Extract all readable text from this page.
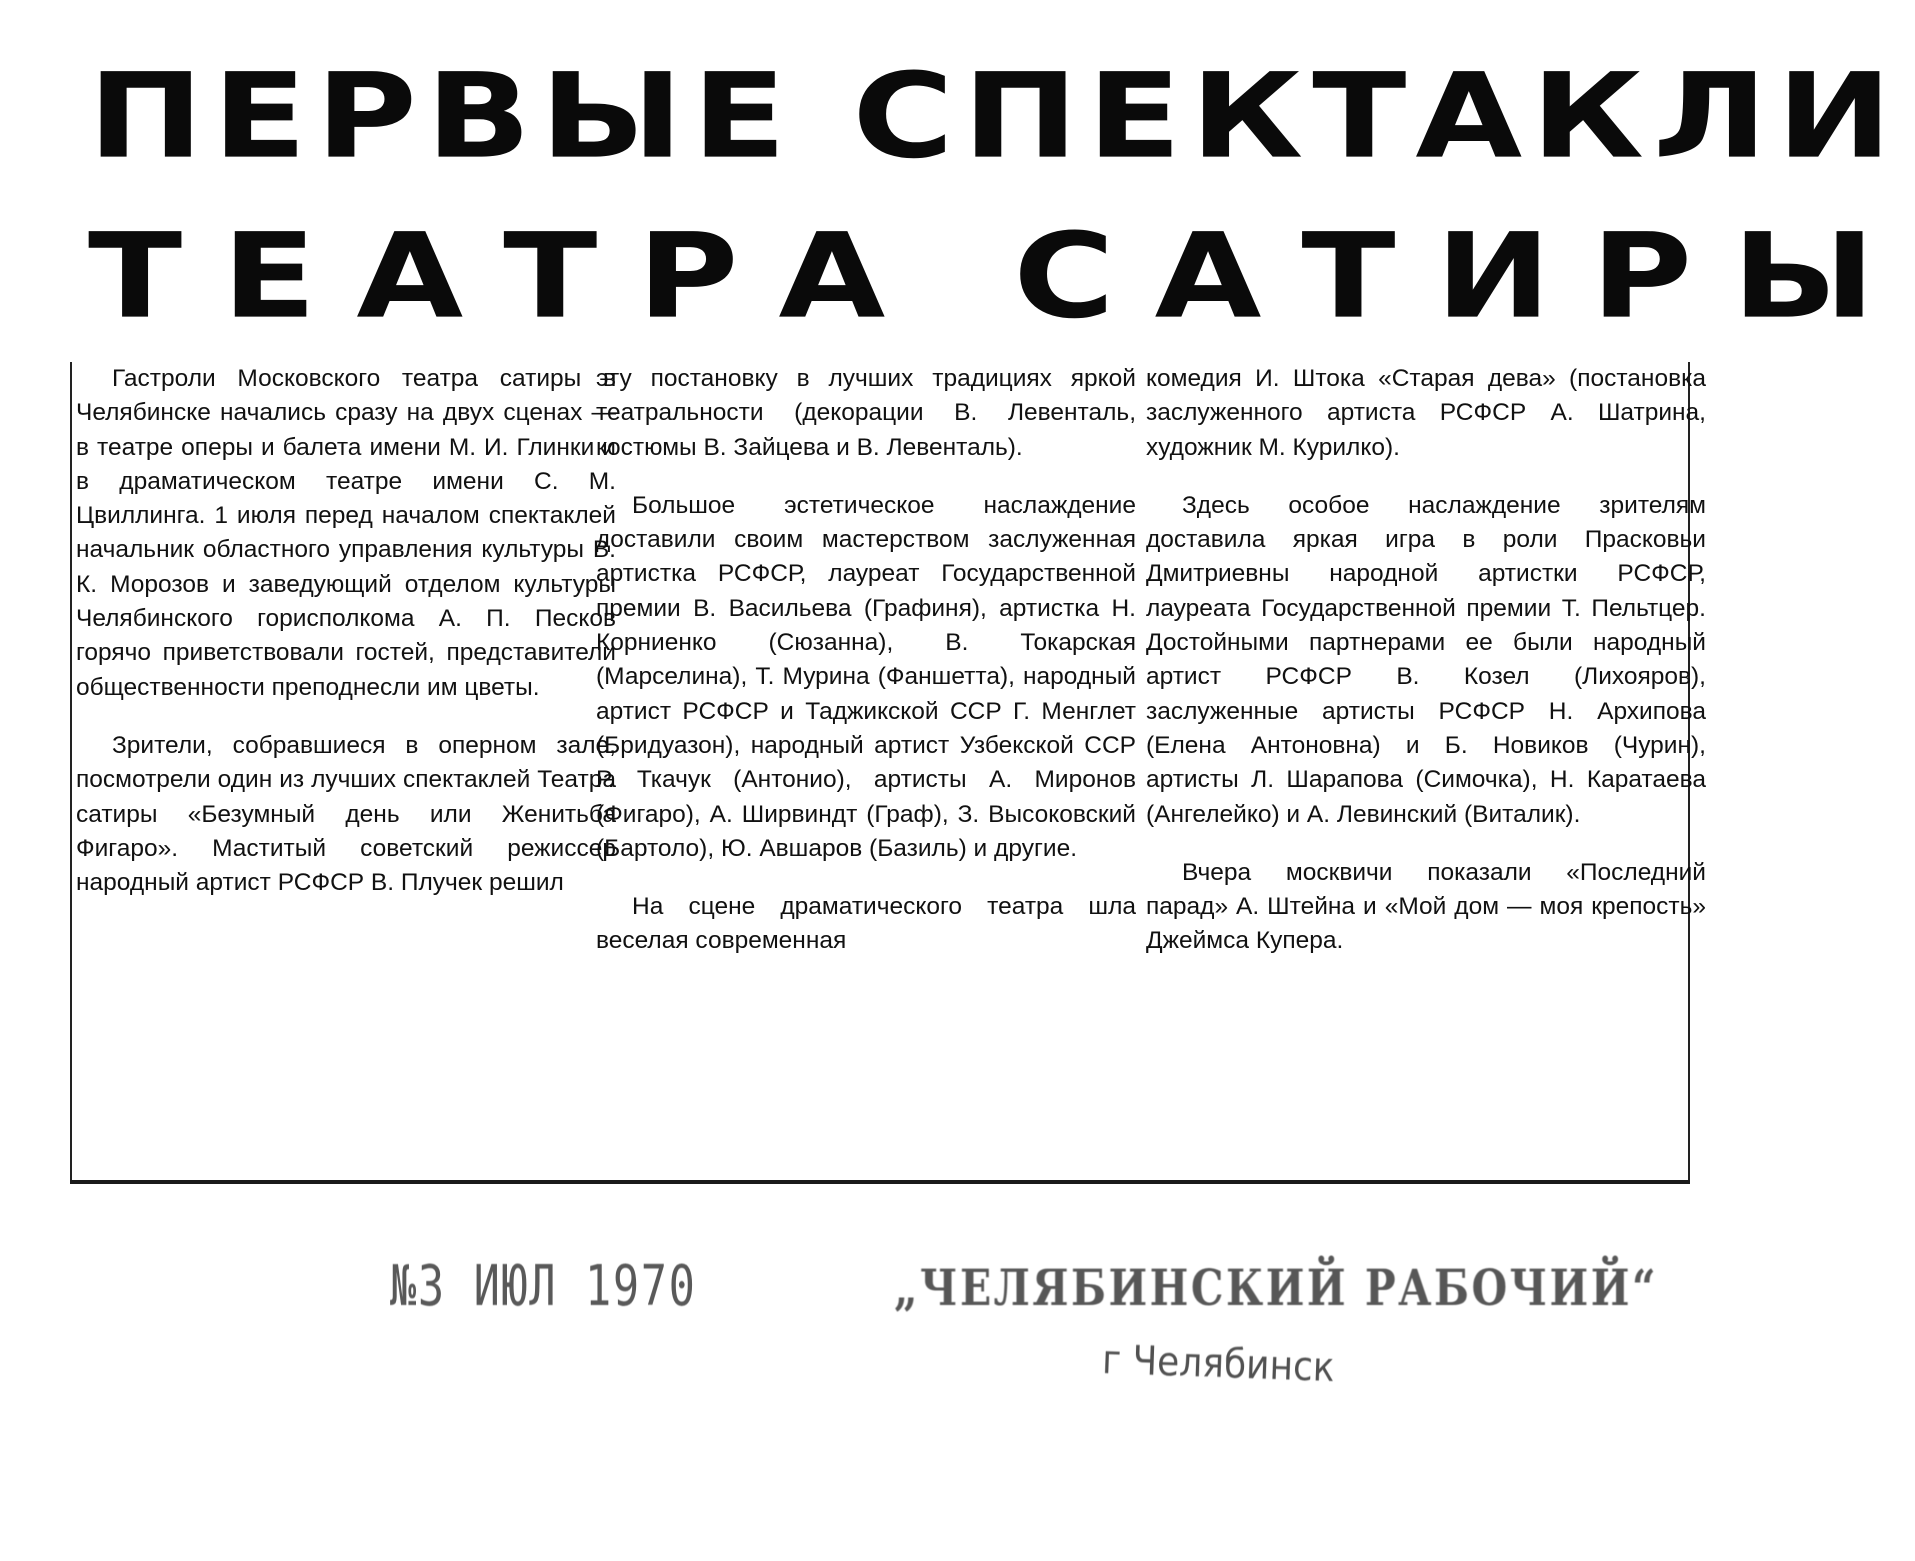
ПЕРВЫЕ СПЕКТАКЛИ
ТЕАТРА САТИРЫ

Гастроли Московского театра сатиры в Челябинске начались сразу на двух сценах — в театре оперы и балета имени М. И. Глинки и в драматическом театре имени С. М. Цвиллинга. 1 июля перед началом спектаклей начальник областного управления культуры В. К. Морозов и заведующий отделом культуры Челябинского горисполкома А. П. Песков горячо приветствовали гостей, представители общественности преподнесли им цветы.

Зрители, собравшиеся в оперном зале, посмотрели один из лучших спектаклей Театра сатиры «Безумный день или Женитьба Фигаро». Маститый советский режиссер народный артист РСФСР В. Плучек решил

эту постановку в лучших традициях яркой театральности (декорации В. Левенталь, костюмы В. Зайцева и В. Левенталь).

Большое эстетическое наслаждение доставили своим мастерством заслуженная артистка РСФСР, лауреат Государственной премии В. Васильева (Графиня), артистка Н. Корниенко (Сюзанна), В. Токарская (Марселина), Т. Мурина (Фаншетта), народный артист РСФСР и Таджикской ССР Г. Менглет (Бридуазон), народный артист Узбекской ССР Р. Ткачук (Антонио), артисты А. Миронов (Фигаро), А. Ширвиндт (Граф), З. Высоковский (Бартоло), Ю. Авшаров (Базиль) и другие.

На сцене драматического театра шла веселая современная

комедия И. Штока «Старая дева» (постановка заслуженного артиста РСФСР А. Шатрина, художник М. Курилко).

Здесь особое наслаждение зрителям доставила яркая игра в роли Прасковьи Дмитриевны народной артистки РСФСР, лауреата Государственной премии Т. Пельтцер. Достойными партнерами ее были народный артист РСФСР В. Козел (Лихояров), заслуженные артисты РСФСР Н. Архипова (Елена Антоновна) и Б. Новиков (Чурин), артисты Л. Шарапова (Симочка), Н. Каратаева (Ангелейко) и А. Левинский (Виталик).

Вчера москвичи показали «Последний парад» А. Штейна и «Мой дом — моя крепость» Джеймса Купера.

№3 ИЮЛ 1970	„ЧЕЛЯБИНСКИЙ РАБОЧИЙ“
г Челябинск
